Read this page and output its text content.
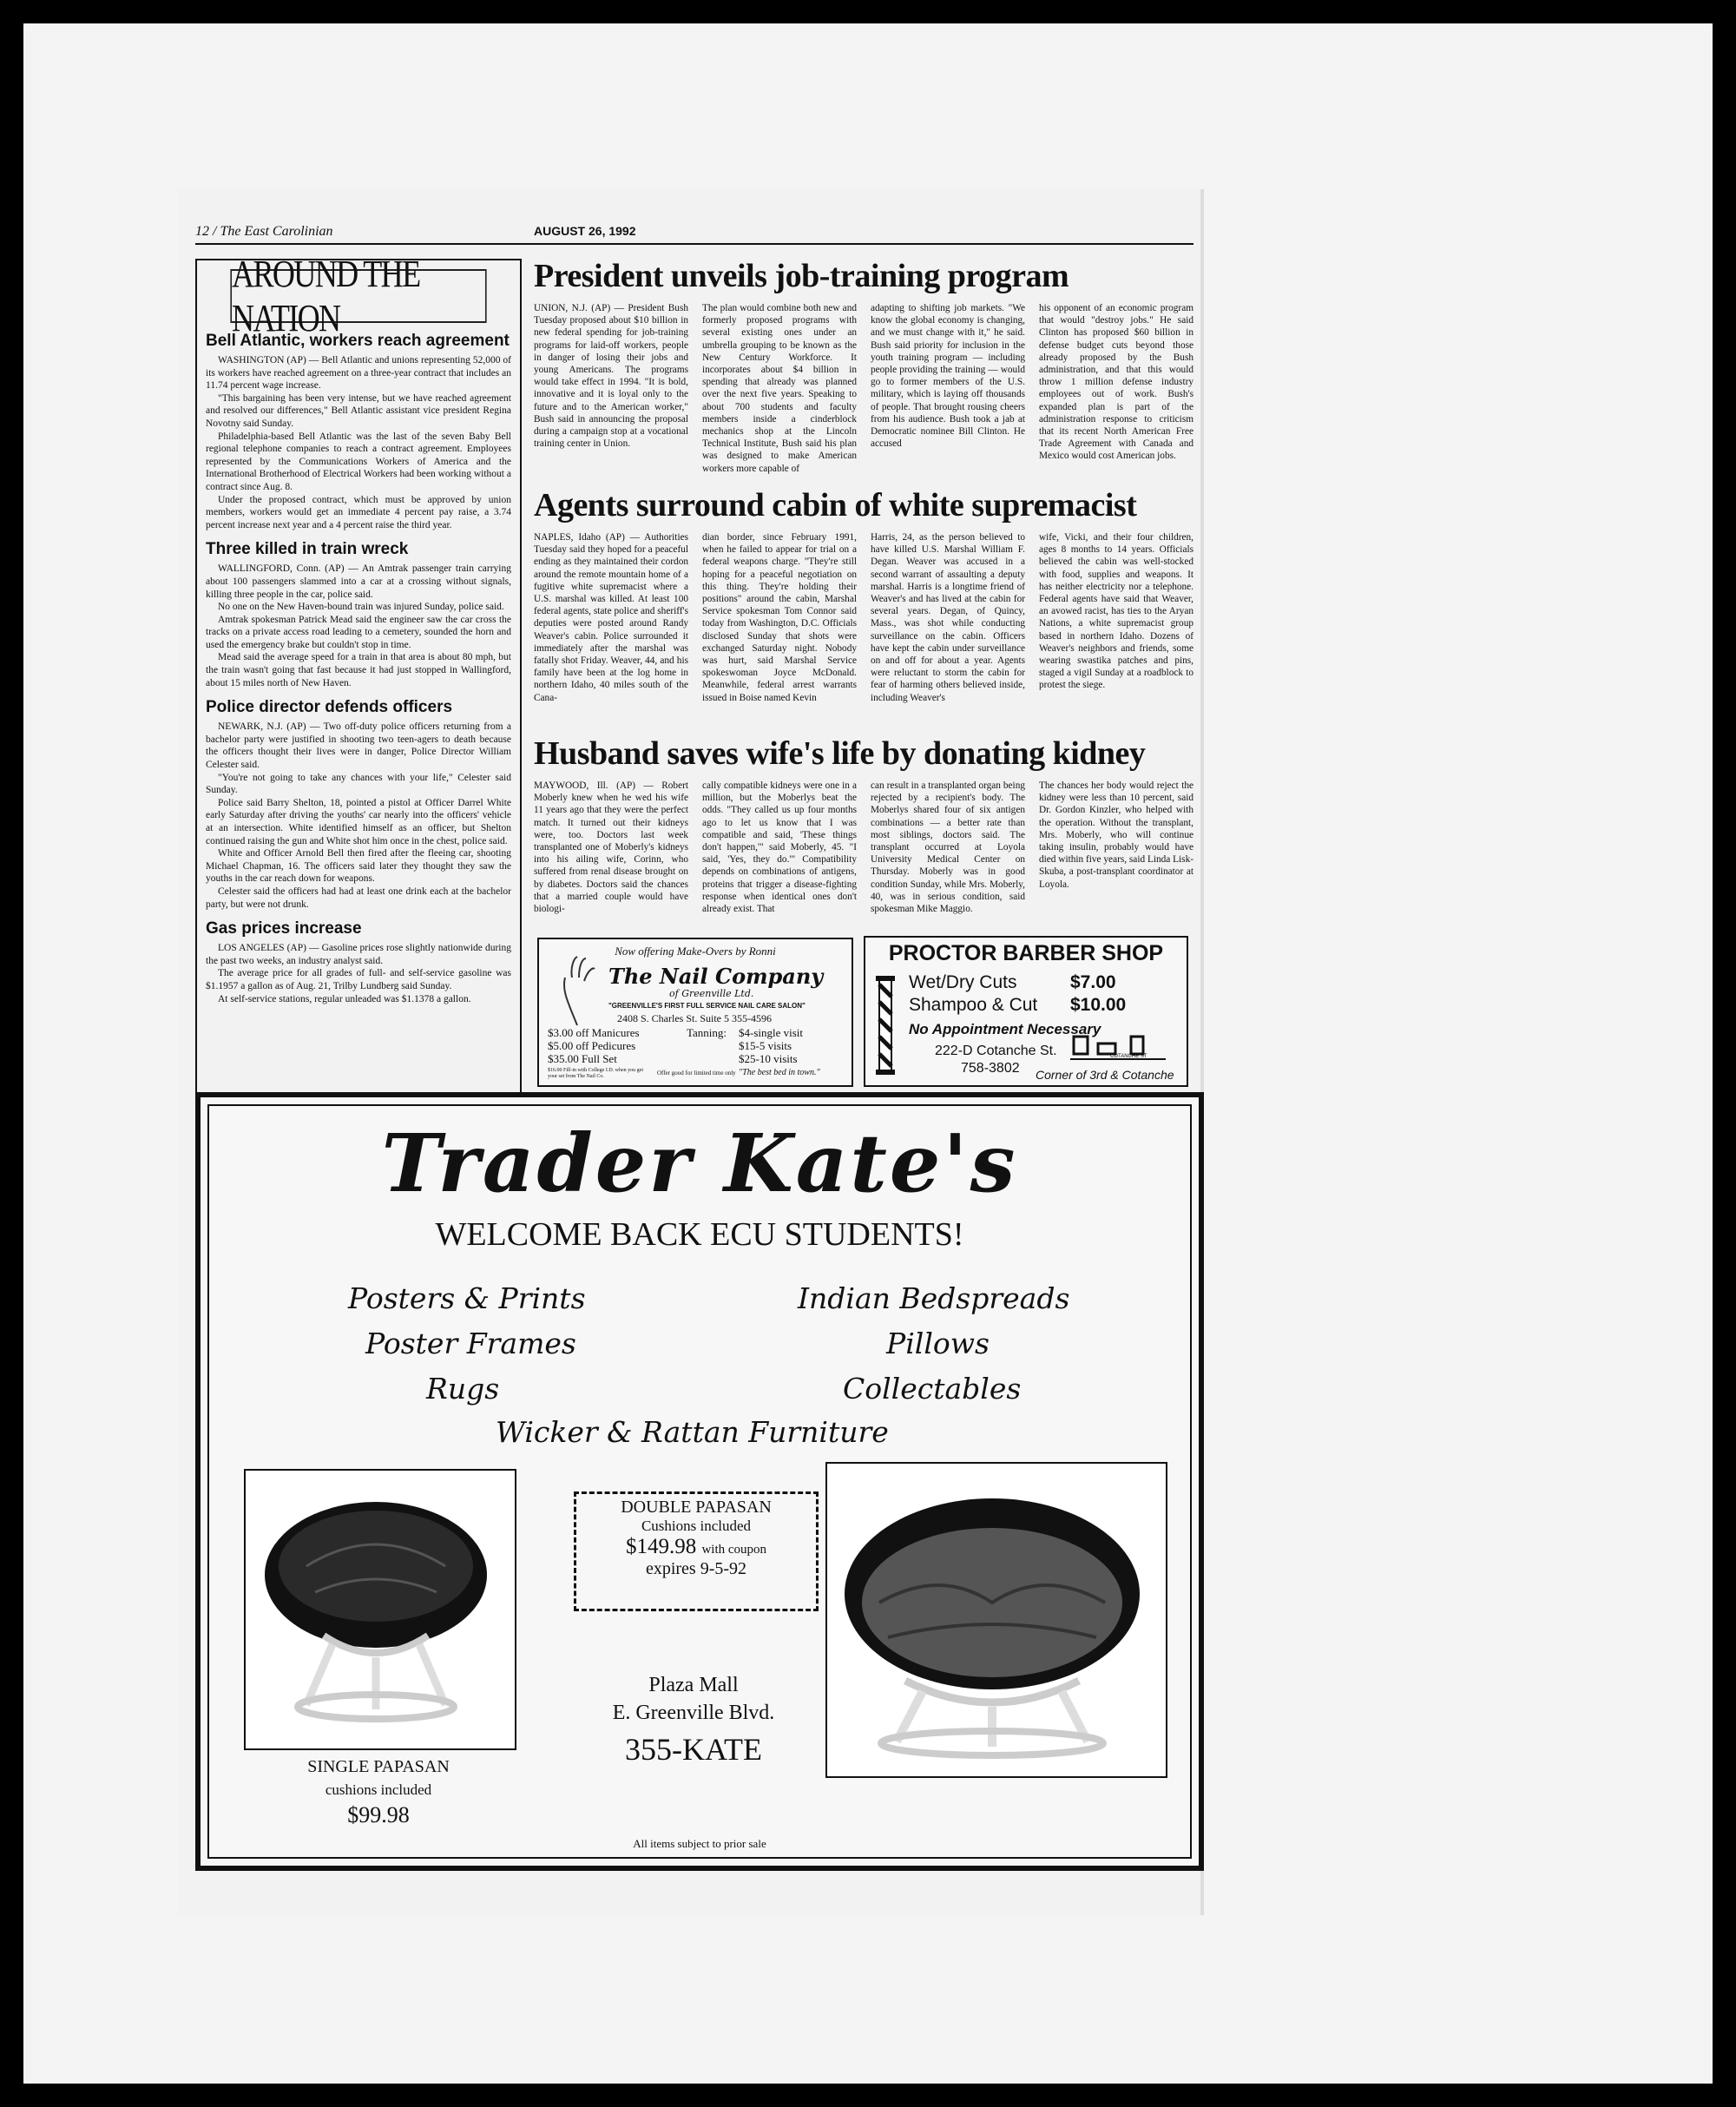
12 / The East Carolinian	AUGUST 26, 1992
AROUND THE NATION
Bell Atlantic, workers reach agreement

WASHINGTON (AP) — Bell Atlantic and unions representing 52,000 of its workers have reached agreement on a three-year contract that includes an 11.74 percent wage increase.

"This bargaining has been very intense, but we have reached agreement and resolved our differences," Bell Atlantic assistant vice president Regina Novotny said Sunday.

Philadelphia-based Bell Atlantic was the last of the seven Baby Bell regional telephone companies to reach a contract agreement. Employees represented by the Communications Workers of America and the International Brotherhood of Electrical Workers had been working without a contract since Aug. 8.

Under the proposed contract, which must be approved by union members, workers would get an immediate 4 percent pay raise, a 3.74 percent increase next year and a 4 percent raise the third year.

Three killed in train wreck

WALLINGFORD, Conn. (AP) — An Amtrak passenger train carrying about 100 passengers slammed into a car at a crossing without signals, killing three people in the car, police said.

No one on the New Haven-bound train was injured Sunday, police said.

Amtrak spokesman Patrick Mead said the engineer saw the car cross the tracks on a private access road leading to a cemetery, sounded the horn and used the emergency brake but couldn't stop in time.

Mead said the average speed for a train in that area is about 80 mph, but the train wasn't going that fast because it had just stopped in Wallingford, about 15 miles north of New Haven.

Police director defends officers

NEWARK, N.J. (AP) — Two off-duty police officers returning from a bachelor party were justified in shooting two teen-agers to death because the officers thought their lives were in danger, Police Director William Celester said.

"You're not going to take any chances with your life," Celester said Sunday.

Police said Barry Shelton, 18, pointed a pistol at Officer Darrel White early Saturday after driving the youths' car nearly into the officers' vehicle at an intersection. White identified himself as an officer, but Shelton continued raising the gun and White shot him once in the chest, police said.

White and Officer Arnold Bell then fired after the fleeing car, shooting Michael Chapman, 16. The officers said later they thought they saw the youths in the car reach down for weapons.

Celester said the officers had had at least one drink each at the bachelor party, but were not drunk.

Gas prices increase

LOS ANGELES (AP) — Gasoline prices rose slightly nationwide during the past two weeks, an industry analyst said.

The average price for all grades of full- and self-service gasoline was $1.1957 a gallon as of Aug. 21, Trilby Lundberg said Sunday.

At self-service stations, regular unleaded was $1.1378 a gallon.

President unveils job-training program
UNION, N.J. (AP) — President Bush Tuesday proposed about $10 billion in new federal spending for job-training programs for laid-off workers, people in danger of losing their jobs and young Americans. The programs would take effect in 1994. "It is bold, innovative and it is loyal only to the future and to the American worker," Bush said in announcing the proposal during a campaign stop at a vocational training center in Union.
The plan would combine both new and formerly proposed programs with several existing ones under an umbrella grouping to be known as the New Century Workforce. It incorporates about $4 billion in spending that already was planned over the next five years. Speaking to about 700 students and faculty members inside a cinderblock mechanics shop at the Lincoln Technical Institute, Bush said his plan was designed to make American workers more capable of
adapting to shifting job markets. "We know the global economy is changing, and we must change with it," he said. Bush said priority for inclusion in the youth training program — including people providing the training — would go to former members of the U.S. military, which is laying off thousands of people. That brought rousing cheers from his audience. Bush took a jab at Democratic nominee Bill Clinton. He accused
his opponent of an economic program that would "destroy jobs." He said Clinton has proposed $60 billion in defense budget cuts beyond those already proposed by the Bush administration, and that this would throw 1 million defense industry employees out of work. Bush's expanded plan is part of the administration response to criticism that its recent North American Free Trade Agreement with Canada and Mexico would cost American jobs.
Agents surround cabin of white supremacist
NAPLES, Idaho (AP) — Authorities Tuesday said they hoped for a peaceful ending as they maintained their cordon around the remote mountain home of a fugitive white supremacist where a U.S. marshal was killed. At least 100 federal agents, state police and sheriff's deputies were posted around Randy Weaver's cabin. Police surrounded it immediately after the marshal was fatally shot Friday. Weaver, 44, and his family have been at the log home in northern Idaho, 40 miles south of the Cana-
dian border, since February 1991, when he failed to appear for trial on a federal weapons charge. "They're still hoping for a peaceful negotiation on this thing. They're holding their positions" around the cabin, Marshal Service spokesman Tom Connor said today from Washington, D.C. Officials disclosed Sunday that shots were exchanged Saturday night. Nobody was hurt, said Marshal Service spokeswoman Joyce McDonald. Meanwhile, federal arrest warrants issued in Boise named Kevin
Harris, 24, as the person believed to have killed U.S. Marshal William F. Degan. Weaver was accused in a second warrant of assaulting a deputy marshal. Harris is a longtime friend of Weaver's and has lived at the cabin for several years. Degan, of Quincy, Mass., was shot while conducting surveillance on the cabin. Officers have kept the cabin under surveillance on and off for about a year. Agents were reluctant to storm the cabin for fear of harming others believed inside, including Weaver's
wife, Vicki, and their four children, ages 8 months to 14 years. Officials believed the cabin was well-stocked with food, supplies and weapons. It has neither electricity nor a telephone. Federal agents have said that Weaver, an avowed racist, has ties to the Aryan Nations, a white supremacist group based in northern Idaho. Dozens of Weaver's neighbors and friends, some wearing swastika patches and pins, staged a vigil Sunday at a roadblock to protest the siege.
Husband saves wife's life by donating kidney
MAYWOOD, Ill. (AP) — Robert Moberly knew when he wed his wife 11 years ago that they were the perfect match. It turned out their kidneys were, too. Doctors last week transplanted one of Moberly's kidneys into his ailing wife, Corinn, who suffered from renal disease brought on by diabetes. Doctors said the chances that a married couple would have biologi-
cally compatible kidneys were one in a million, but the Moberlys beat the odds. "They called us up four months ago to let us know that I was compatible and said, 'These things don't happen,'" said Moberly, 45. "I said, 'Yes, they do.'" Compatibility depends on combinations of antigens, proteins that trigger a disease-fighting response when identical ones don't already exist. That
can result in a transplanted organ being rejected by a recipient's body. The Moberlys shared four of six antigen combinations — a better rate than most siblings, doctors said. The transplant occurred at Loyola University Medical Center on Thursday. Moberly was in good condition Sunday, while Mrs. Moberly, 40, was in serious condition, said spokesman Mike Maggio.
The chances her body would reject the kidney were less than 10 percent, said Dr. Gordon Kinzler, who helped with the operation. Without the transplant, Mrs. Moberly, who will continue taking insulin, probably would have died within five years, said Linda Lisk-Skuba, a post-transplant coordinator at Loyola.
Now offering Make-Overs by Ronni
The Nail Company
of Greenville Ltd.
"GREENVILLE'S FIRST FULL SERVICE NAIL CARE SALON"
2408 S. Charles St. Suite 5 355-4596
$3.00 off Manicures
$5.00 off Pedicures
$35.00 Full Set
Tanning: $4-single visit
$15-5 visits
$25-10 visits
$16.00 Fill-in with College I.D. when you get your set from The Nail Co.	Offer good for limited time only "The best bed in town."
PROCTOR BARBER SHOP
Wet/Dry Cuts	$7.00
Shampoo & Cut $10.00
No Appointment Necessary
222-D Cotanche St.
758-3802
COTANCHE ST
Corner of 3rd & Cotanche
Trader Kate's
WELCOME BACK ECU STUDENTS!
Posters & Prints
Poster Frames
Rugs
Indian Bedspreads
Pillows
Collectables
Wicker & Rattan Furniture
SINGLE PAPASAN
cushions included
$99.98
DOUBLE PAPASAN
Cushions included
$149.98 with coupon
expires 9-5-92
Plaza Mall
E. Greenville Blvd.
355-KATE
All items subject to prior sale
